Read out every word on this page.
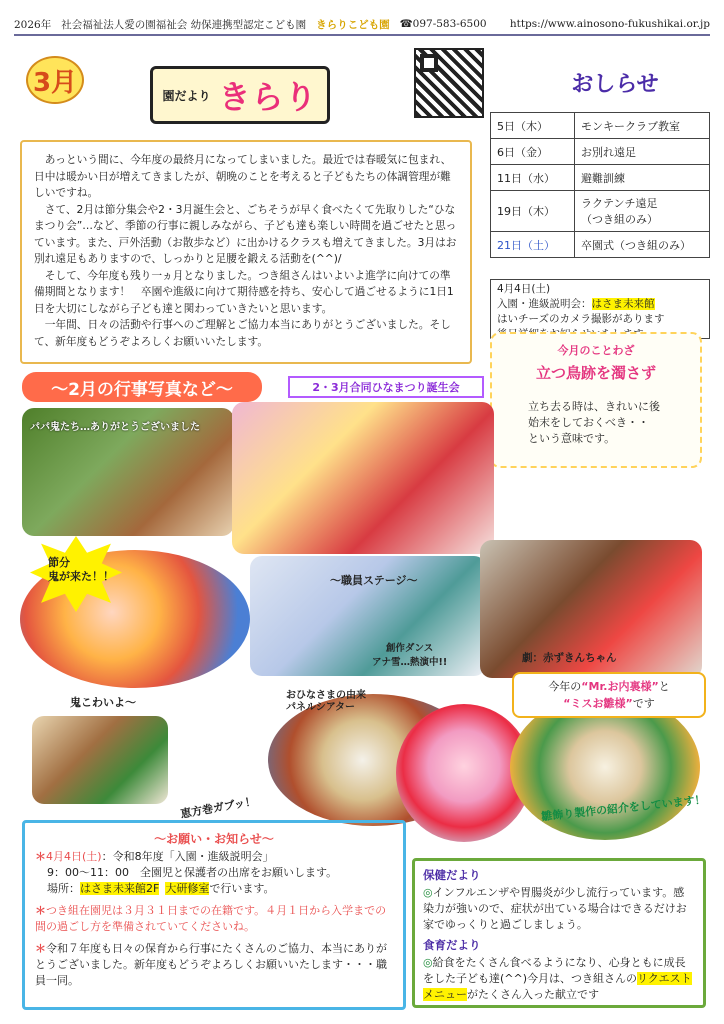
2026年 社会福祉法人愛の園福祉会 幼保連携型認定こども園 きらりこども園 ☎097-583-6500 https://www.ainosono-fukushikai.or.jp
3月	園だより きらり	おしらせ
5日（木）	モンキークラブ教室
6日（金）	お別れ遠足
11日（水）	避難訓練
19日（木）	ラクテンチ遠足
（つき組のみ）
21日（土）	卒園式（つき組のみ）
4月4日(土)
入園・進級説明会：はさま未来館
はいチーズのカメラ撮影があります

あっという間に、今年度の最終月になってしまいました。最近では春暖気に包まれ、日中は暖かい日が増えてきましたが、朝晩のことを考えると子どもたちの体調管理が難しいですね。

さて、2月は節分集会や2・3月誕生会と、ごちそうが早く食べたくて先取りした“ひなまつり会”…など、季節の行事に親しみながら、子ども達も楽しい時間を過ごせたと思っています。また、戸外活動（お散歩など）に出かけるクラスも増えてきました。3月はお別れ遠足もありますので、しっかりと足腰を鍛える活動を(^^)/

そして、今年度も残り一ヵ月となりました。つき組さんはいよいよ進学に向けての準備期間となります！　卒園や進級に向けて期待感を持ち、安心して過ごせるように1日1日を大切にしながら子ども達と関わっていきたいと思います。

一年間、日々の活動や行事へのご理解とご協力本当にありがとうございました。そして、新年度もどうぞよろしくお願いいたします。

今月のことわざ
立つ鳥跡を濁さず
立ち去る時は、きれいに後
始末をしておくべき・・
という意味です。
～2月の行事写真など～	2・3月合同ひなまつり誕生会
パパ鬼たち…ありがとうございました
節分
鬼が来た！！
鬼こわいよ～
～職員ステージ～
創作ダンス
アナ雪…熱演中!!	劇：赤ずきんちゃん
おひなさまの由来
パネルシアター
恵方巻ガブッ！
今年の“Mr.お内裏様”と
“ミスお雛様”です
雛飾り製作の紹介をしています！
～お願い・お知らせ～
＊4月4日(土)：令和8年度「入園・進級説明会」
9：00～11：00　全園児と保護者の出席をお願いします。
場所：はさま未来館2F 大研修室で行います。
＊つき組在園児は３月３１日までの在籍です。４月１日から入学までの間の過ごし方を準備されていてくださいね。
＊令和７年度も日々の保育から行事にたくさんのご協力、本当にありがとうございました。新年度もどうぞよろしくお願いいたします・・・職員一同。
保健だより
◎インフルエンザや胃腸炎が少し流行っています。感染力が強いので、症状が出ている場合はできるだけお家でゆっくりと過ごしましょう。
食育だより
◎給食をたくさん食べるようになり、心身ともに成長をした子ども達(^^)今月は、つき組さんのリクエストメニューがたくさん入った献立です
